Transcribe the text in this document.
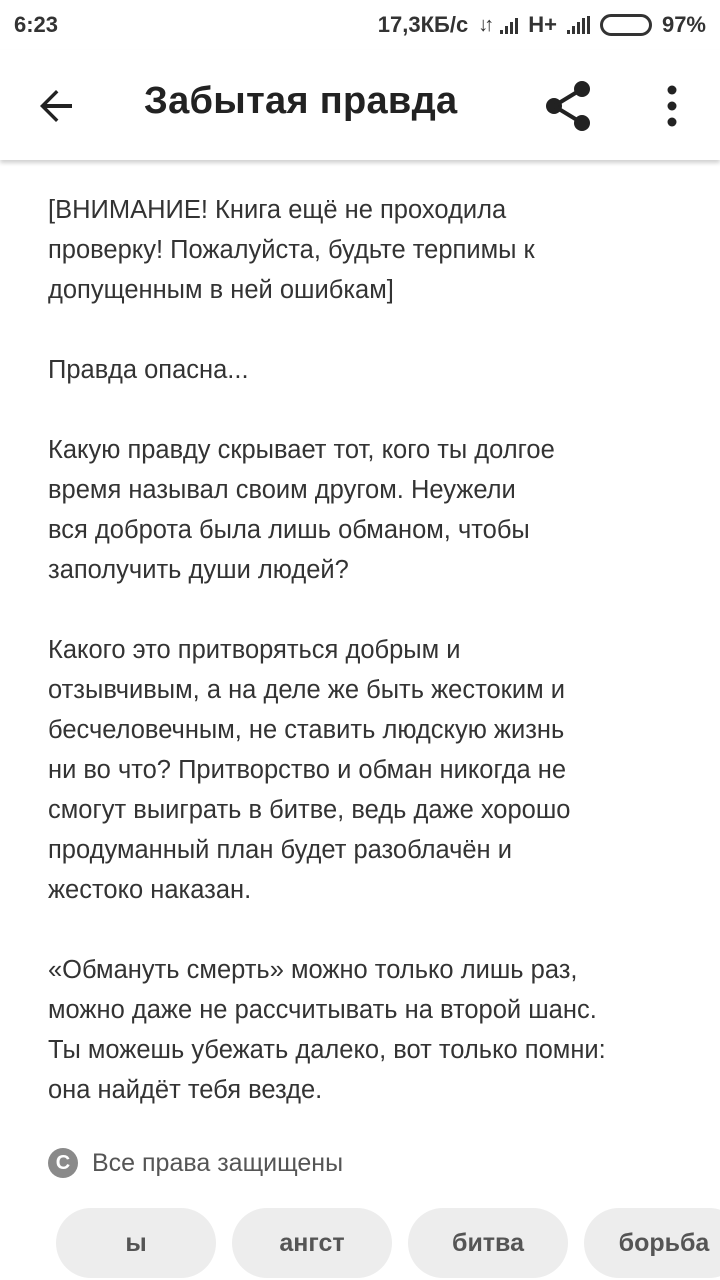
6:23	17,3КБ/с ↓↑ H+	97%
Забытая правда

[ВНИМАНИЕ! Книга ещё не проходила
проверку! Пожалуйста, будьте терпимы к
допущенным в ней ошибкам]

Правда опасна...

Какую правду скрывает тот, кого ты долгое
время называл своим другом. Неужели
вся доброта была лишь обманом, чтобы
заполучить души людей?

Какого это притворяться добрым и
отзывчивым, а на деле же быть жестоким и
бесчеловечным, не ставить людскую жизнь
ни во что? Притворство и обман никогда не
смогут выиграть в битве, ведь даже хорошо
продуманный план будет разоблачён и
жестоко наказан.

«Обмануть смерть» можно только лишь раз,
можно даже не рассчитывать на второй шанс.
Ты можешь убежать далеко, вот только помни:
она найдёт тебя везде.

C Все права защищены
ы	ангст	битва	борьба
